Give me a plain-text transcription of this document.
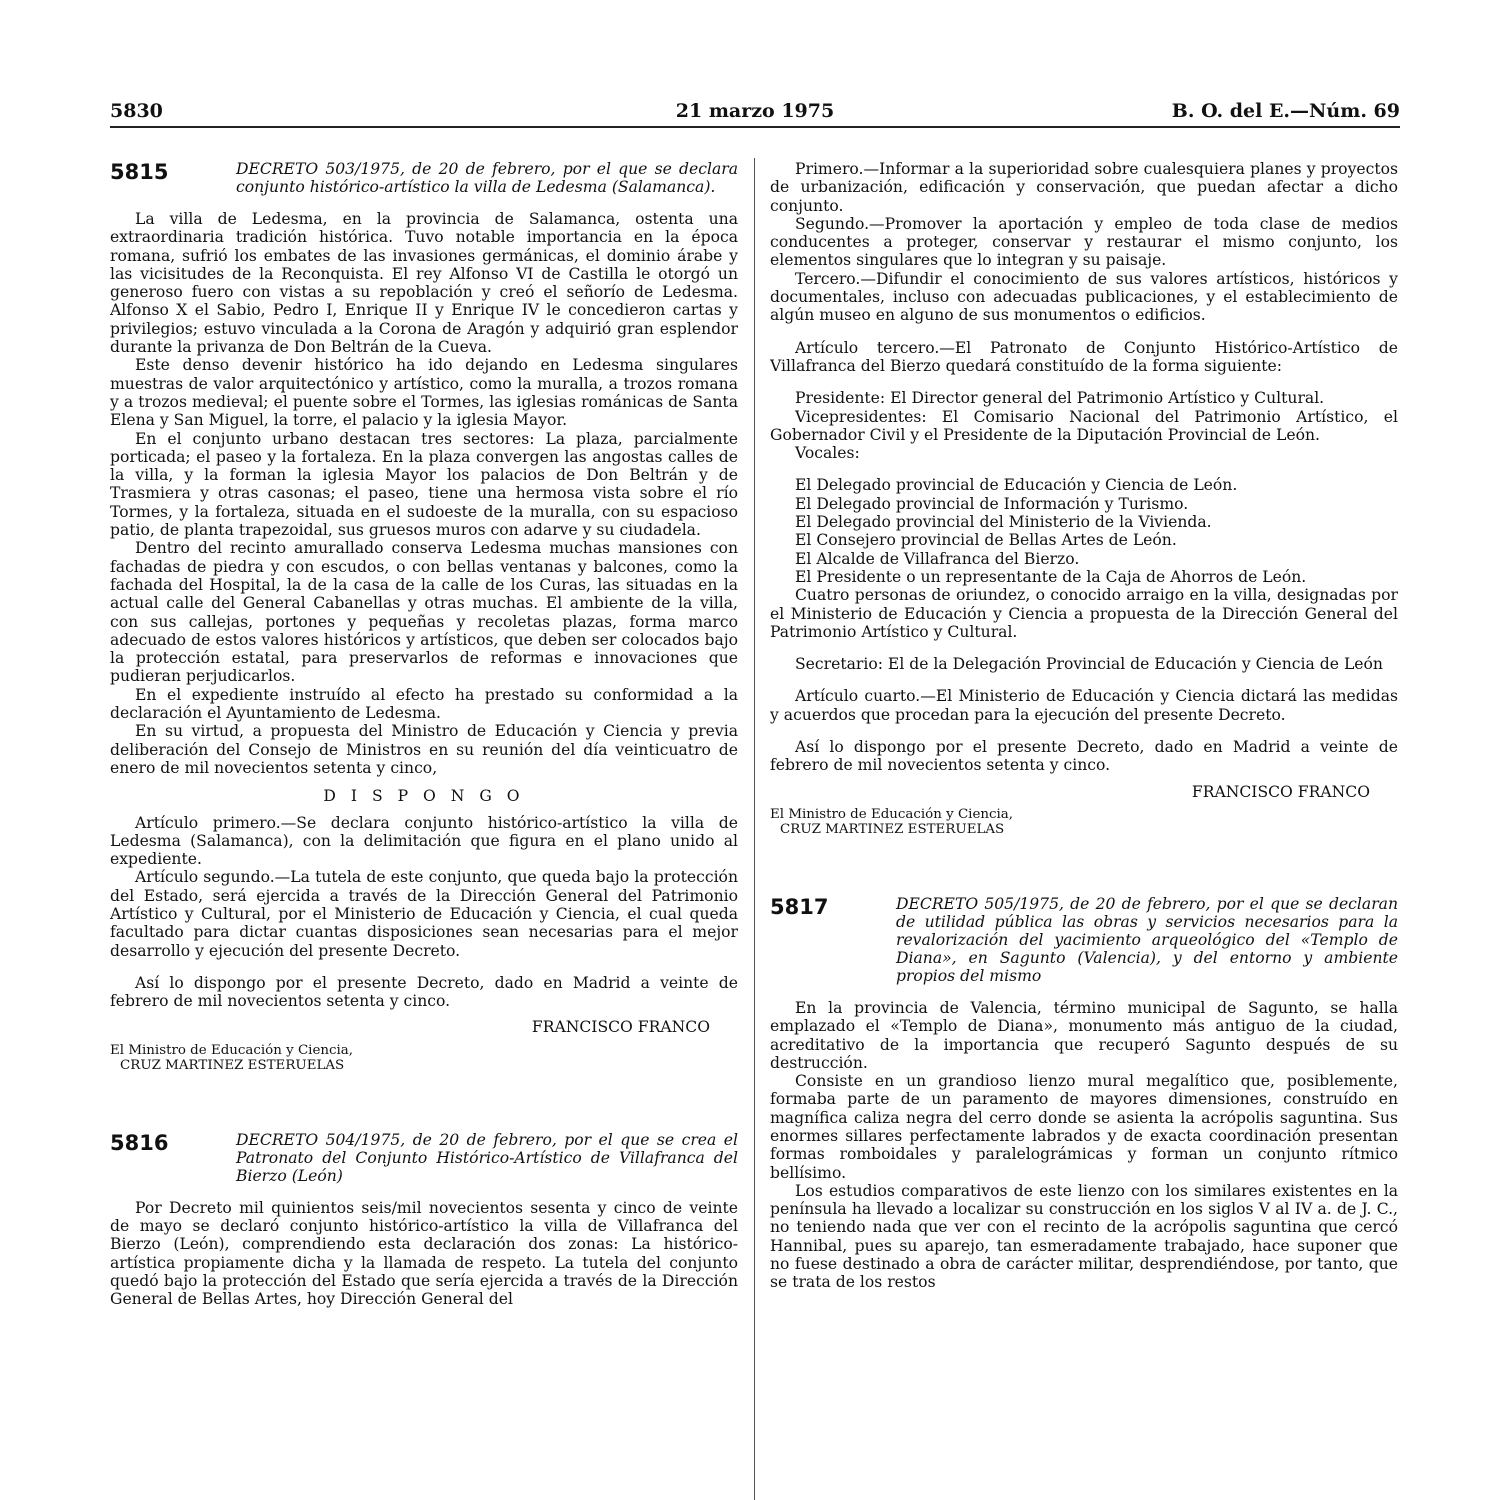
5830	21 marzo 1975	B. O. del E.—Núm. 69
5815	DECRETO 503/1975, de 20 de febrero, por el que se declara conjunto histórico-artístico la villa de Ledesma (Salamanca).

La villa de Ledesma, en la provincia de Salamanca, ostenta una extraordinaria tradición histórica. Tuvo notable importancia en la época romana, sufrió los embates de las invasiones germánicas, el dominio árabe y las vicisitudes de la Reconquista. El rey Alfonso VI de Castilla le otorgó un generoso fuero con vistas a su repoblación y creó el señorío de Ledesma. Alfonso X el Sabio, Pedro I, Enrique II y Enrique IV le concedieron cartas y privilegios; estuvo vinculada a la Corona de Aragón y adquirió gran esplendor durante la privanza de Don Beltrán de la Cueva.

Este denso devenir histórico ha ido dejando en Ledesma singulares muestras de valor arquitectónico y artístico, como la muralla, a trozos romana y a trozos medieval; el puente sobre el Tormes, las iglesias románicas de Santa Elena y San Miguel, la torre, el palacio y la iglesia Mayor.

En el conjunto urbano destacan tres sectores: La plaza, parcialmente porticada; el paseo y la fortaleza. En la plaza convergen las angostas calles de la villa, y la forman la iglesia Mayor los palacios de Don Beltrán y de Trasmiera y otras casonas; el paseo, tiene una hermosa vista sobre el río Tormes, y la fortaleza, situada en el sudoeste de la muralla, con su espacioso patio, de planta trapezoidal, sus gruesos muros con adarve y su ciudadela.

Dentro del recinto amurallado conserva Ledesma muchas mansiones con fachadas de piedra y con escudos, o con bellas ventanas y balcones, como la fachada del Hospital, la de la casa de la calle de los Curas, las situadas en la actual calle del General Cabanellas y otras muchas. El ambiente de la villa, con sus callejas, portones y pequeñas y recoletas plazas, forma marco adecuado de estos valores históricos y artísticos, que deben ser colocados bajo la protección estatal, para preservarlos de reformas e innovaciones que pudieran perjudicarlos.

En el expediente instruído al efecto ha prestado su conformidad a la declaración el Ayuntamiento de Ledesma.

En su virtud, a propuesta del Ministro de Educación y Ciencia y previa deliberación del Consejo de Ministros en su reunión del día veinticuatro de enero de mil novecientos setenta y cinco,

D I S P O N G O

Artículo primero.—Se declara conjunto histórico-artístico la villa de Ledesma (Salamanca), con la delimitación que figura en el plano unido al expediente.

Artículo segundo.—La tutela de este conjunto, que queda bajo la protección del Estado, será ejercida a través de la Dirección General del Patrimonio Artístico y Cultural, por el Ministerio de Educación y Ciencia, el cual queda facultado para dictar cuantas disposiciones sean necesarias para el mejor desarrollo y ejecución del presente Decreto.

Así lo dispongo por el presente Decreto, dado en Madrid a veinte de febrero de mil novecientos setenta y cinco.

FRANCISCO FRANCO
El Ministro de Educación y Ciencia,
CRUZ MARTINEZ ESTERUELAS
5816	DECRETO 504/1975, de 20 de febrero, por el que se crea el Patronato del Conjunto Histórico-Artístico de Villafranca del Bierzo (León)

Por Decreto mil quinientos seis/mil novecientos sesenta y cinco de veinte de mayo se declaró conjunto histórico-artístico la villa de Villafranca del Bierzo (León), comprendiendo esta declaración dos zonas: La histórico-artística propiamente dicha y la llamada de respeto. La tutela del conjunto quedó bajo la protección del Estado que sería ejercida a través de la Dirección General de Bellas Artes, hoy Dirección General del

Primero.—Informar a la superioridad sobre cualesquiera planes y proyectos de urbanización, edificación y conservación, que puedan afectar a dicho conjunto.

Segundo.—Promover la aportación y empleo de toda clase de medios conducentes a proteger, conservar y restaurar el mismo conjunto, los elementos singulares que lo integran y su paisaje.

Tercero.—Difundir el conocimiento de sus valores artísticos, históricos y documentales, incluso con adecuadas publicaciones, y el establecimiento de algún museo en alguno de sus monumentos o edificios.

Artículo tercero.—El Patronato de Conjunto Histórico-Artístico de Villafranca del Bierzo quedará constituído de la forma siguiente:

Presidente: El Director general del Patrimonio Artístico y Cultural.

Vicepresidentes: El Comisario Nacional del Patrimonio Artístico, el Gobernador Civil y el Presidente de la Diputación Provincial de León.

Vocales:

El Delegado provincial de Educación y Ciencia de León.

El Delegado provincial de Información y Turismo.

El Delegado provincial del Ministerio de la Vivienda.

El Consejero provincial de Bellas Artes de León.

El Alcalde de Villafranca del Bierzo.

El Presidente o un representante de la Caja de Ahorros de León.

Cuatro personas de oriundez, o conocido arraigo en la villa, designadas por el Ministerio de Educación y Ciencia a propuesta de la Dirección General del Patrimonio Artístico y Cultural.

Secretario: El de la Delegación Provincial de Educación y Ciencia de León

Artículo cuarto.—El Ministerio de Educación y Ciencia dictará las medidas y acuerdos que procedan para la ejecución del presente Decreto.

Así lo dispongo por el presente Decreto, dado en Madrid a veinte de febrero de mil novecientos setenta y cinco.

FRANCISCO FRANCO
El Ministro de Educación y Ciencia,
CRUZ MARTINEZ ESTERUELAS
5817	DECRETO 505/1975, de 20 de febrero, por el que se declaran de utilidad pública las obras y servicios necesarios para la revalorización del yacimiento arqueológico del «Templo de Diana», en Sagunto (Valencia), y del entorno y ambiente propios del mismo

En la provincia de Valencia, término municipal de Sagunto, se halla emplazado el «Templo de Diana», monumento más antiguo de la ciudad, acreditativo de la importancia que recuperó Sagunto después de su destrucción.

Consiste en un grandioso lienzo mural megalítico que, posiblemente, formaba parte de un paramento de mayores dimensiones, construído en magnífica caliza negra del cerro donde se asienta la acrópolis saguntina. Sus enormes sillares perfectamente labrados y de exacta coordinación presentan formas romboidales y paralelográmicas y forman un conjunto rítmico bellísimo.

Los estudios comparativos de este lienzo con los similares existentes en la península ha llevado a localizar su construcción en los siglos V al IV a. de J. C., no teniendo nada que ver con el recinto de la acrópolis saguntina que cercó Hannibal, pues su aparejo, tan esmeradamente trabajado, hace suponer que no fuese destinado a obra de carácter militar, desprendiéndose, por tanto, que se trata de los restos
